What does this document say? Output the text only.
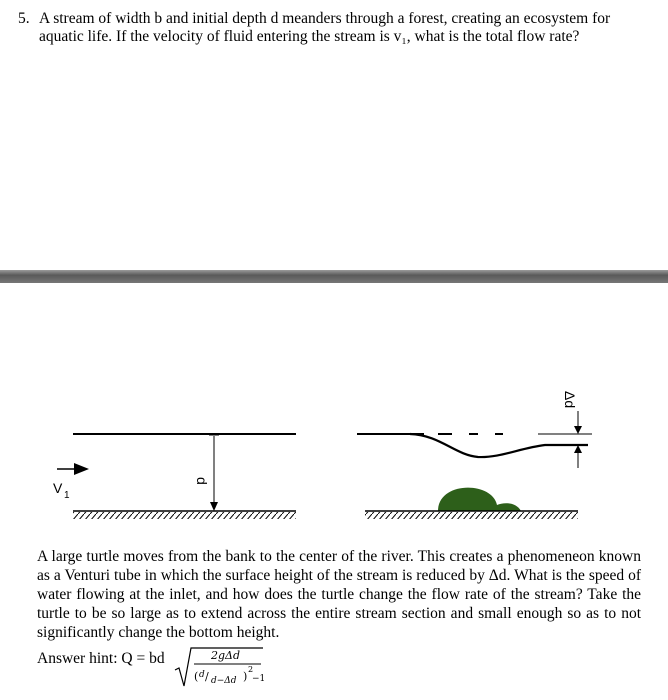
5. A stream of width b and initial depth d meanders through a forest, creating an ecosystem for aquatic life. If the velocity of fluid entering the stream is v₁, what is the total flow rate?
V 1
d
Δd
A large turtle moves from the bank to the center of the river. This creates a phenomeneon known as a Venturi tube in which the surface height of the stream is reduced by Δd. What is the speed of water flowing at the inlet, and how does the turtle change the flow rate of the stream? Take the turtle to be so large as to extend across the entire stream section and small enough so as to not significantly change the bottom height.
Answer hint: Q = bd	2gΔd
( d / d−Δd )
2
−1
